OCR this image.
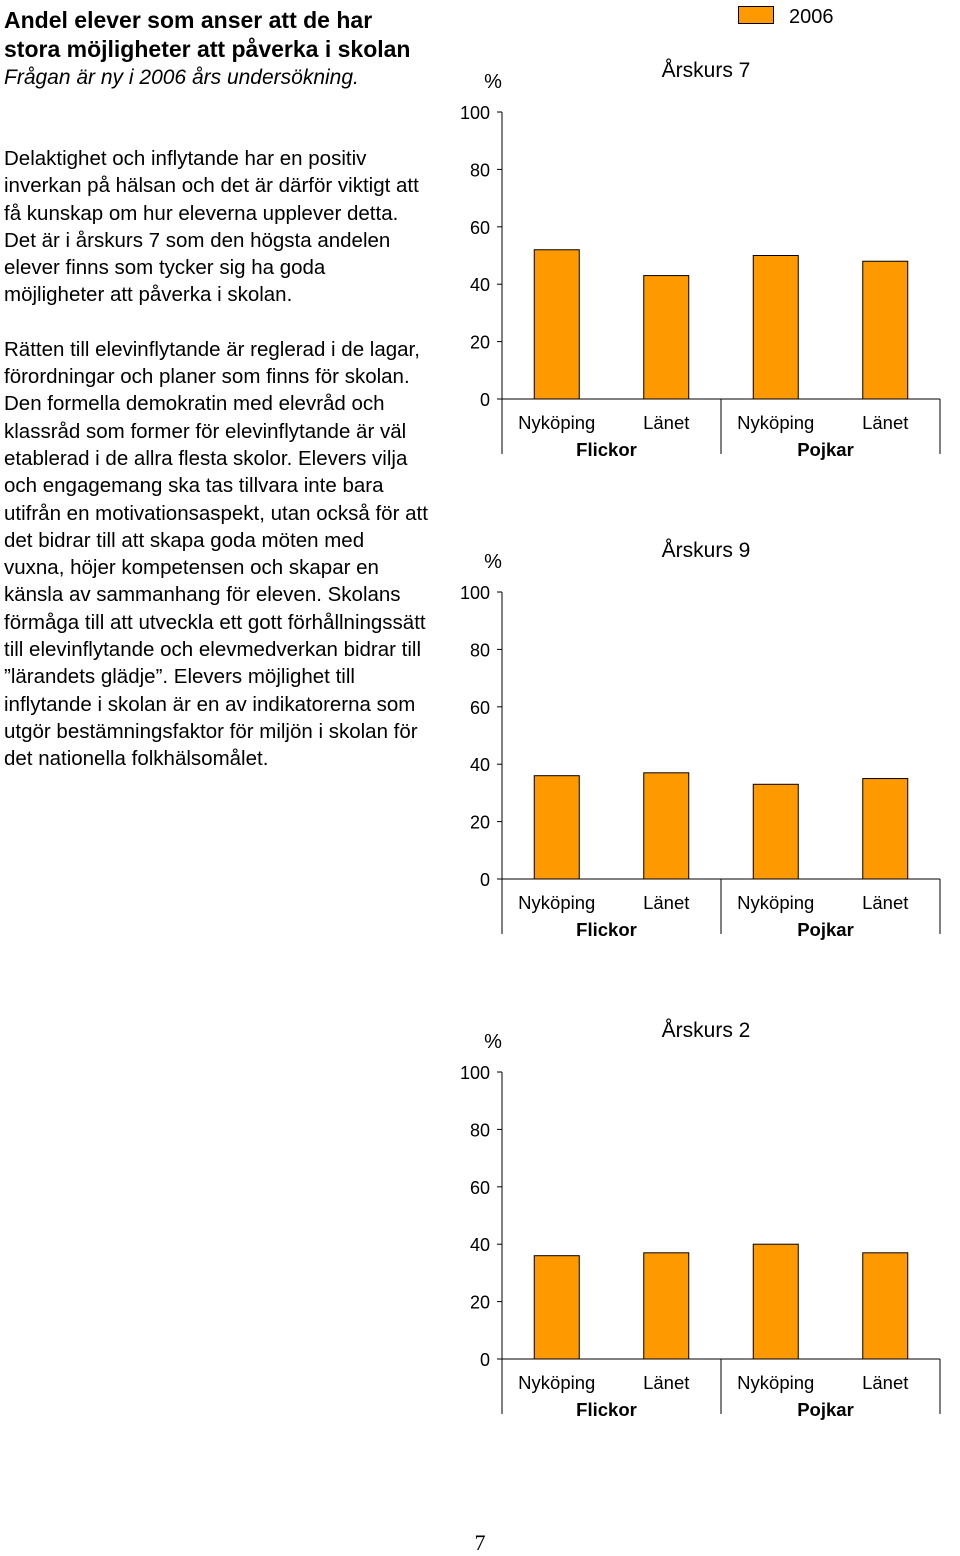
Andel elever som anser att de har stora möjligheter att påverka i skolan

Frågan är ny i 2006 års undersökning.

Delaktighet och inflytande har en positiv inverkan på hälsan och det är därför viktigt att få kunskap om hur eleverna upplever detta. Det är i årskurs 7 som den högsta andelen elever finns som tycker sig ha goda möjligheter att påverka i skolan.

Rätten till elevinflytande är reglerad i de lagar, förordningar och planer som finns för skolan. Den formella demokratin med elevråd och klassråd som former för elevinflytande är väl etablerad i de allra flesta skolor. Elevers vilja och engagemang ska tas tillvara inte bara utifrån en motivationsaspekt, utan också för att det bidrar till att skapa goda möten med vuxna, höjer kompetensen och skapar en känsla av sammanhang för eleven. Skolans förmåga till att utveckla ett gott förhållningssätt till elevinflytande och elevmedverkan bidrar till ”lärandets glädje”. Elevers möjlighet till inflytande i skolan är en av indikatorerna som utgör bestämningsfaktor för miljön i skolan för det nationella folkhälsomålet.

2006
Årskurs 7
%
0
20
40
60
80
100
Nyköping	Länet	Nyköping	Länet
Flickor	Pojkar
Årskurs 9
%
0
20
40
60
80
100
Nyköping	Länet	Nyköping	Länet
Flickor	Pojkar
Årskurs 2
%
0
20
40
60
80
100
Nyköping	Länet	Nyköping	Länet
Flickor	Pojkar
7
